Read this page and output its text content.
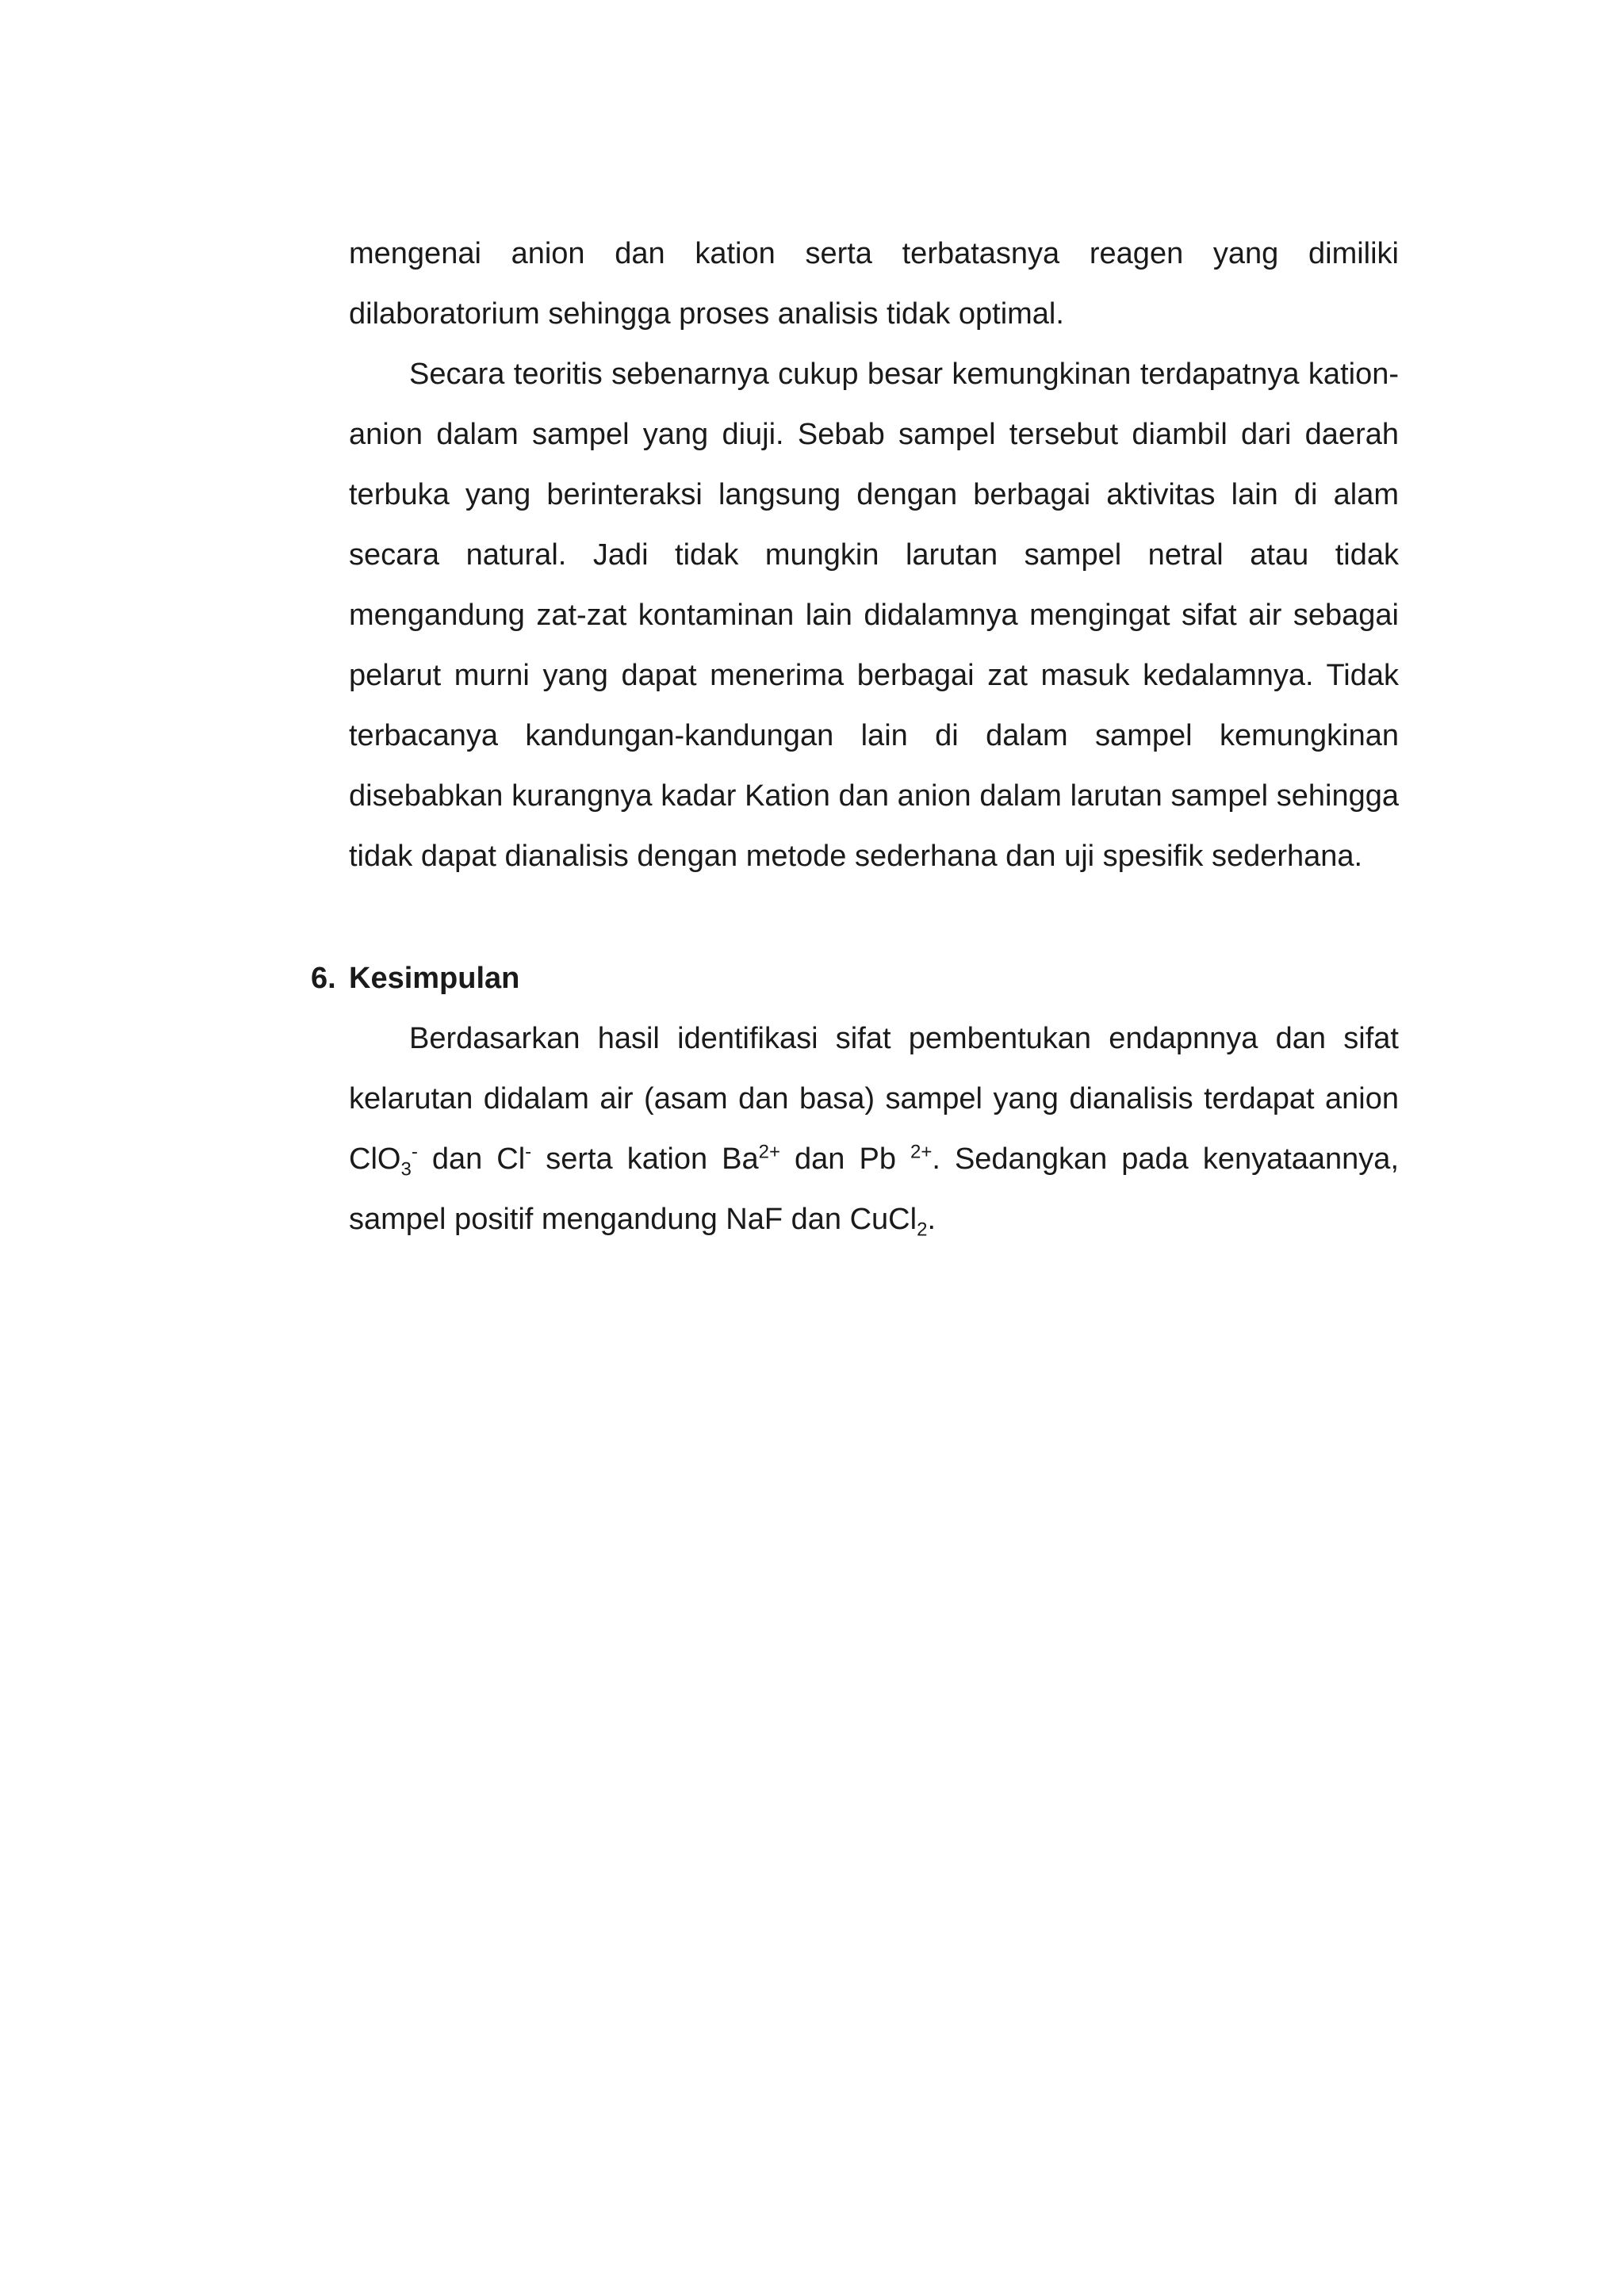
mengenai anion dan kation serta terbatasnya reagen yang dimiliki dilaboratorium sehingga proses analisis tidak optimal.

Secara teoritis sebenarnya cukup besar kemungkinan terdapatnya kation-anion dalam sampel yang diuji. Sebab sampel tersebut diambil dari daerah terbuka yang berinteraksi langsung dengan berbagai aktivitas lain di alam secara natural. Jadi tidak mungkin larutan sampel netral atau tidak mengandung zat-zat kontaminan lain didalamnya mengingat sifat air sebagai pelarut murni yang dapat menerima berbagai zat masuk kedalamnya. Tidak terbacanya kandungan-kandungan lain di dalam sampel kemungkinan disebabkan kurangnya kadar Kation dan anion dalam larutan sampel sehingga tidak dapat dianalisis dengan metode sederhana dan uji spesifik sederhana.

6. Kesimpulan

Berdasarkan hasil identifikasi sifat pembentukan endapnnya dan sifat kelarutan didalam air (asam dan basa) sampel yang dianalisis terdapat anion ClO$_3$- dan Cl- serta kation $Ba^{2+}$ dan Pb $^{2+}$. Sedangkan pada kenyataannya, sampel positif mengandung NaF dan CuCl$_2$.
